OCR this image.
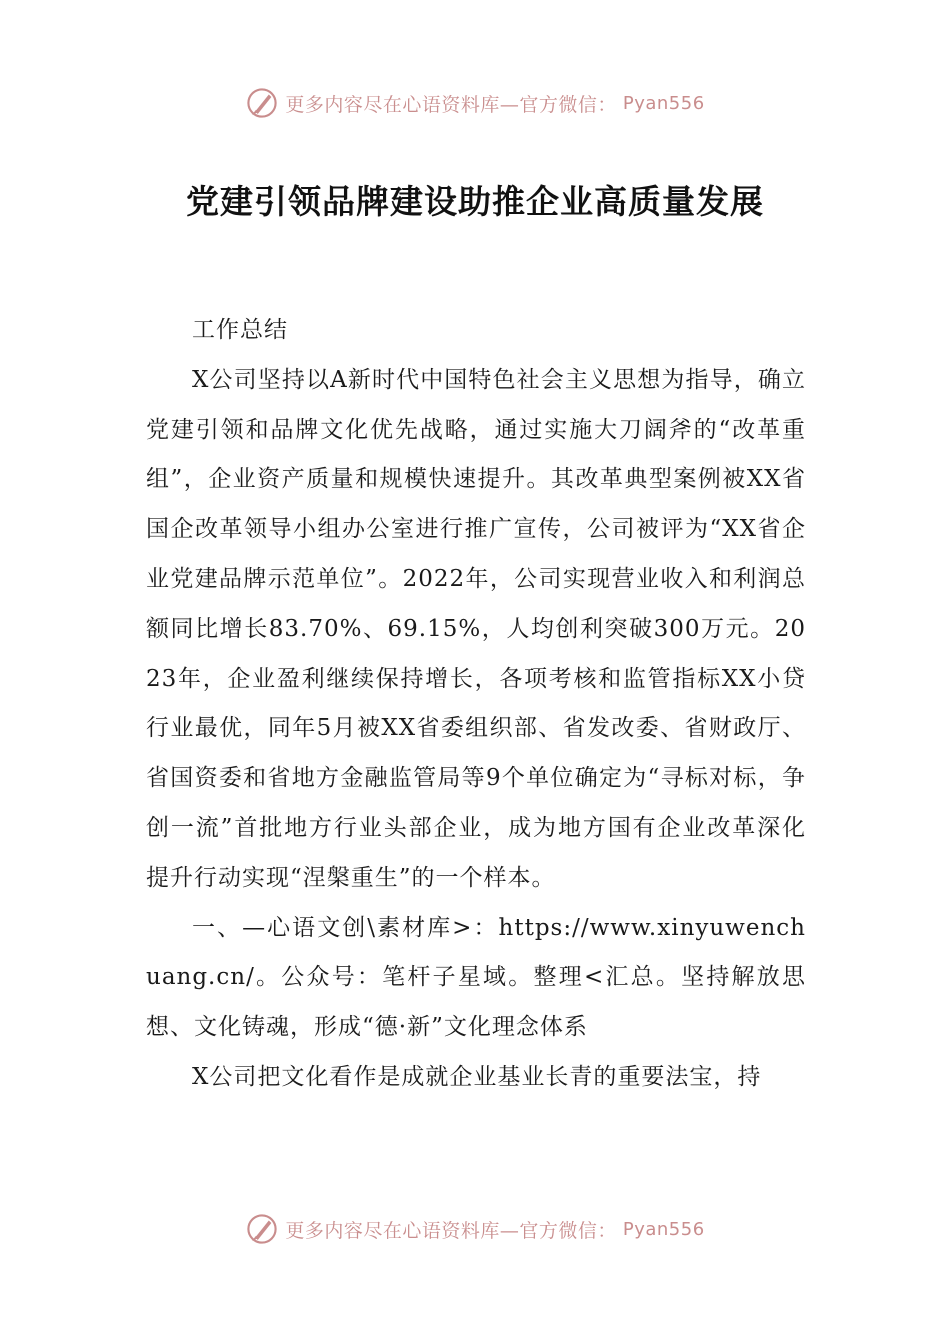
更多内容尽在心语资料库—官方微信： Pyan556
党建引领品牌建设助推企业高质量发展

工作总结

X公司坚持以A新时代中国特色社会主义思想为指导，确立党建引领和品牌文化优先战略，通过实施大刀阔斧的“改革重组”，企业资产质量和规模快速提升。其改革典型案例被XX省国企改革领导小组办公室进行推广宣传，公司被评为“XX省企业党建品牌示范单位”。2022年，公司实现营业收入和利润总额同比增长83.70%、69.15%，人均创利突破300万元。2023年，企业盈利继续保持增长，各项考核和监管指标XX小贷行业最优，同年5月被XX省委组织部、省发改委、省财政厅、省国资委和省地方金融监管局等9个单位确定为“寻标对标，争创一流”首批地方行业头部企业，成为地方国有企业改革深化提升行动实现“涅槃重生”的一个样本。

一、—心语文创\素材库>：https://www.xinyuwenchuang.cn/。公众号：笔杆子星域。整理<汇总。坚持解放思想、文化铸魂，形成“德·新”文化理念体系

X公司把文化看作是成就企业基业长青的重要法宝，持

更多内容尽在心语资料库—官方微信： Pyan556
